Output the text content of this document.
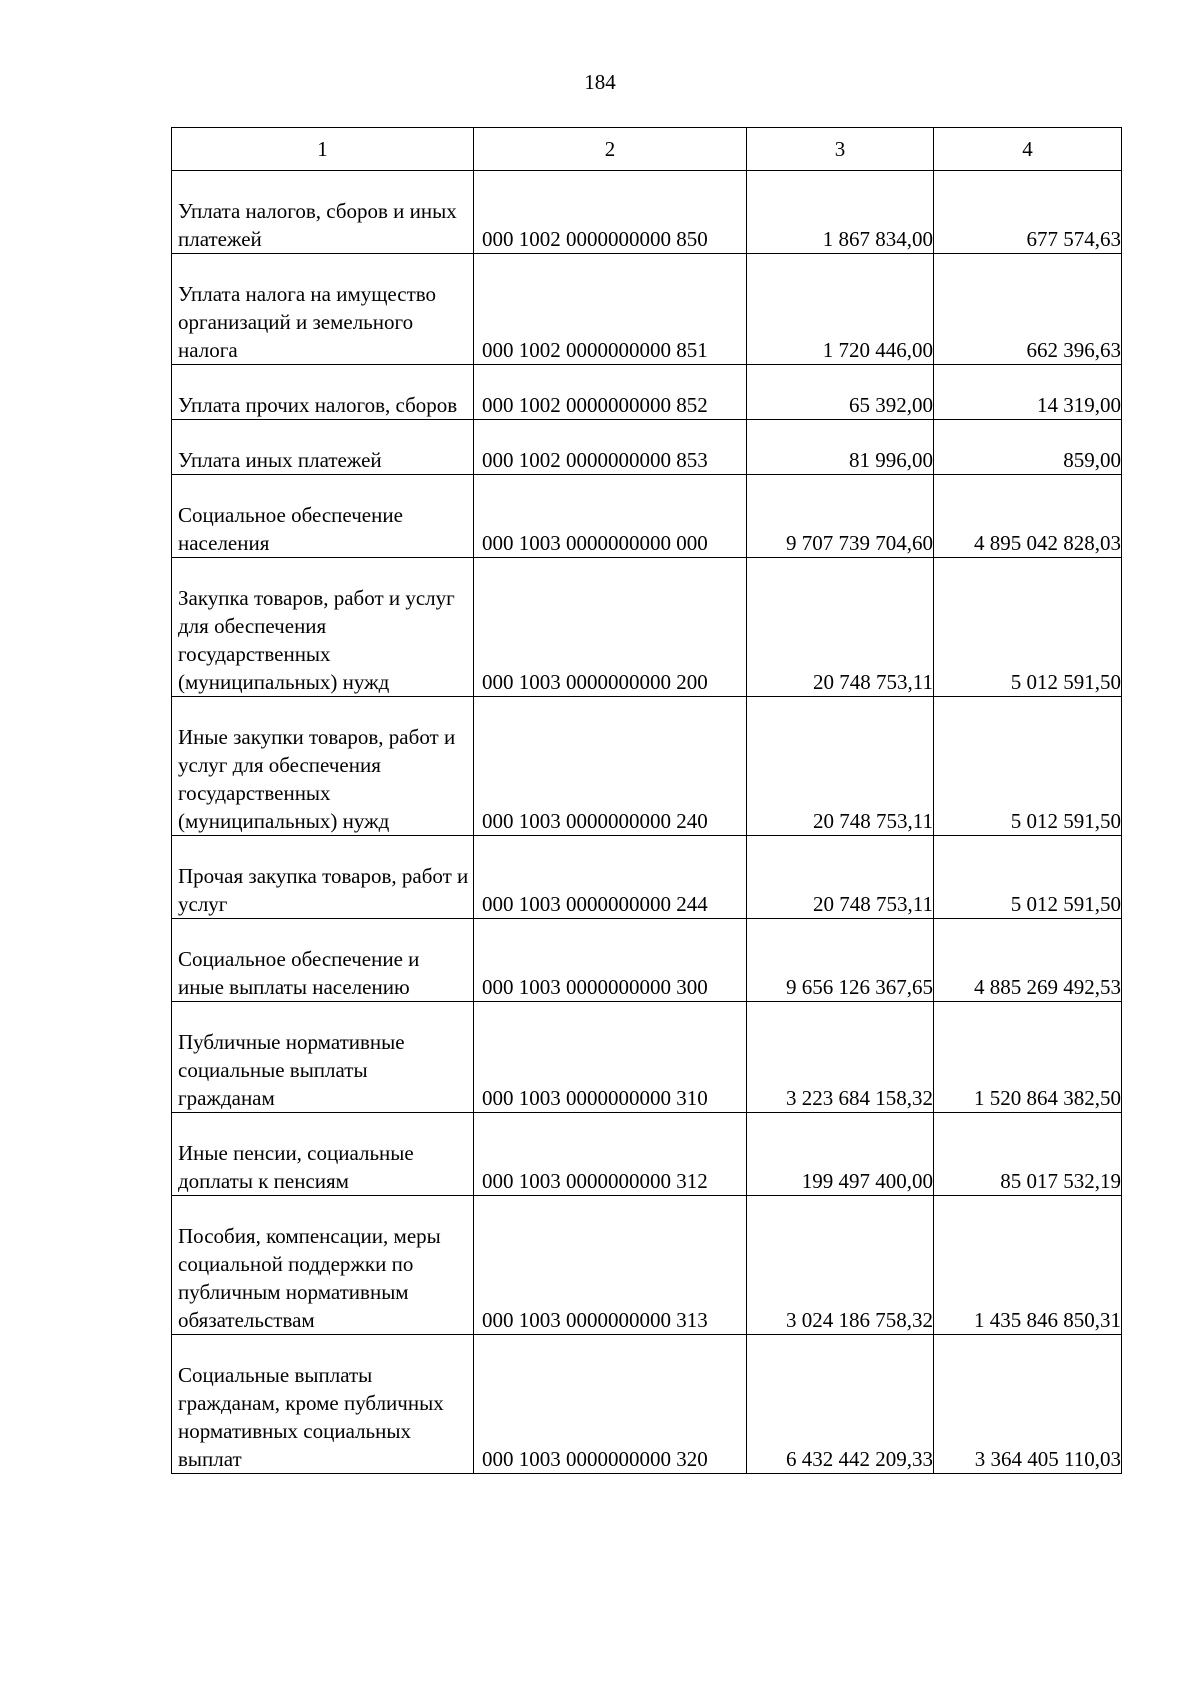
184
1	2	3	4
Уплата налогов, сборов и иных платежей	000 1002 0000000000 850	1 867 834,00	677 574,63
Уплата налога на имущество организаций и земельного налога	000 1002 0000000000 851	1 720 446,00	662 396,63
Уплата прочих налогов, сборов	000 1002 0000000000 852	65 392,00	14 319,00
Уплата иных платежей	000 1002 0000000000 853	81 996,00	859,00
Социальное обеспечение населения	000 1003 0000000000 000	9 707 739 704,60	4 895 042 828,03
Закупка товаров, работ и услуг для обеспечения государственных (муниципальных) нужд	000 1003 0000000000 200	20 748 753,11	5 012 591,50
Иные закупки товаров, работ и услуг для обеспечения государственных (муниципальных) нужд	000 1003 0000000000 240	20 748 753,11	5 012 591,50
Прочая закупка товаров, работ и услуг	000 1003 0000000000 244	20 748 753,11	5 012 591,50
Социальное обеспечение и иные выплаты населению	000 1003 0000000000 300	9 656 126 367,65	4 885 269 492,53
Публичные нормативные социальные выплаты гражданам	000 1003 0000000000 310	3 223 684 158,32	1 520 864 382,50
Иные пенсии, социальные доплаты к пенсиям	000 1003 0000000000 312	199 497 400,00	85 017 532,19
Пособия, компенсации, меры социальной поддержки по публичным нормативным обязательствам	000 1003 0000000000 313	3 024 186 758,32	1 435 846 850,31
Социальные выплаты гражданам, кроме публичных нормативных социальных выплат	000 1003 0000000000 320	6 432 442 209,33	3 364 405 110,03
